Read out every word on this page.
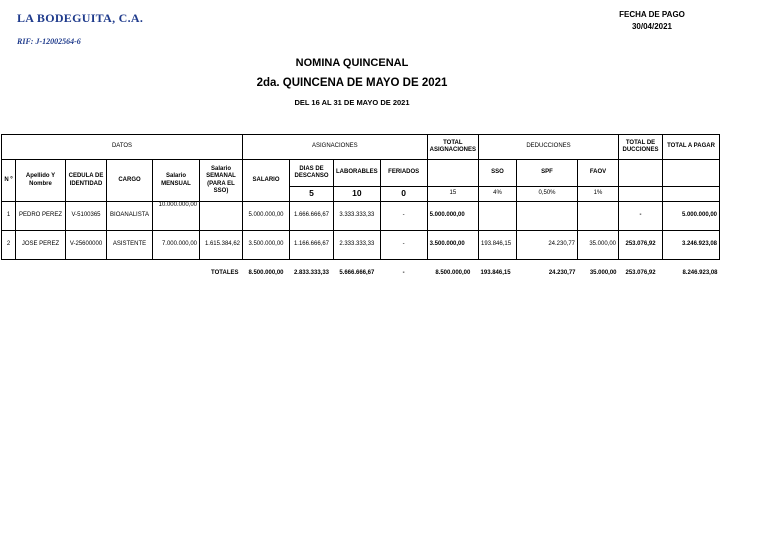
LA BODEGUITA, C.A.
RIF: J-12002564-6
FECHA DE PAGO
30/04/2021
NOMINA QUINCENAL
2da. QUINCENA DE MAYO DE 2021
DEL 16 AL 31 DE MAYO DE 2021
DATOS						ASIGNACIONES				TOTAL ASIGNACIONES	DEDUCCIONES			TOTAL DE DUCCIONES	TOTAL A PAGAR
N º	Apellido Y Nombre	CEDULA DE IDENTIDAD	CARGO	Salario MENSUAL	Salario SEMANAL (PARA EL SSO)	SALARIO	DIAS DE DESCANSO	LABORABLES	FERIADOS		SSO	SPF	FAOV		
							5	10	0	15	4%	0,50%	1%		
1	PEDRO PEREZ	V-5100365	BIOANALISTA	10.000.000,00		5.000.000,00	1.666.666,67	3.333.333,33	-	5.000.000,00				-	5.000.000,00
2	JOSE PEREZ	V-25600000	ASISTENTE	7.000.000,00	1.615.384,62	3.500.000,00	1.166.666,67	2.333.333,33	-	3.500.000,00	193.846,15	24.230,77	35.000,00	253.076,92	3.246.923,08
				TOTALES		8.500.000,00	2.833.333,33	5.666.666,67	-	8.500.000,00	193.846,15	24.230,77	35.000,00	253.076,92	8.246.923,08
